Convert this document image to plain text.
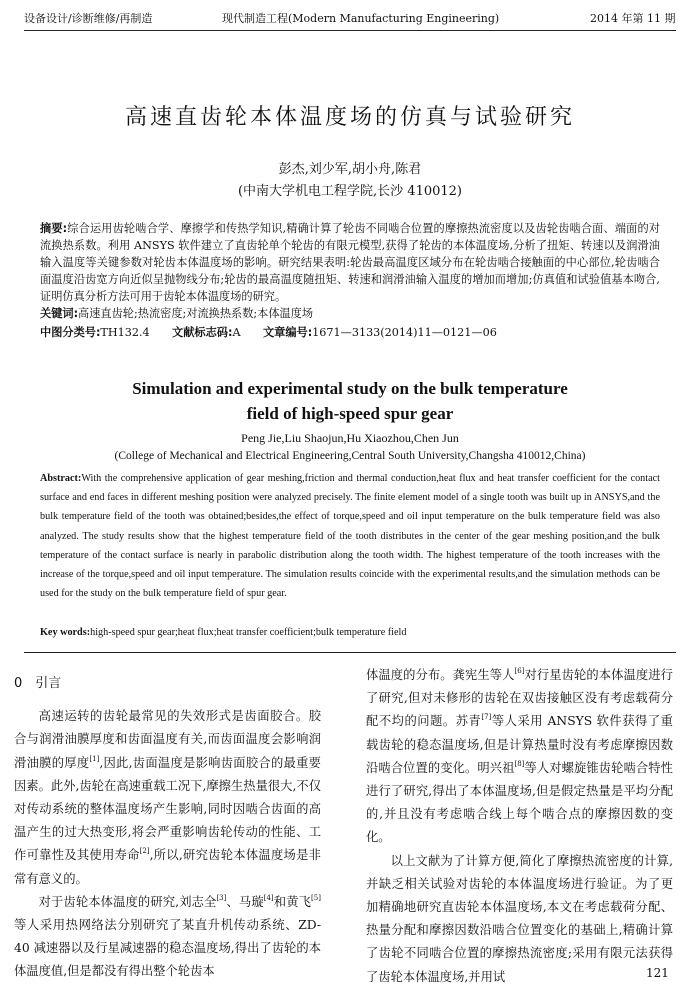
设备设计/诊断维修/再制造	现代制造工程(Modern Manufacturing Engineering)	2014 年第 11 期
高速直齿轮本体温度场的仿真与试验研究
彭杰,刘少军,胡小舟,陈君
(中南大学机电工程学院,长沙 410012)
摘要:综合运用齿轮啮合学、摩擦学和传热学知识,精确计算了轮齿不同啮合位置的摩擦热流密度以及齿轮齿啮合面、端面的对流换热系数。利用 ANSYS 软件建立了直齿轮单个轮齿的有限元模型,获得了轮齿的本体温度场,分析了扭矩、转速以及润滑油输入温度等关键参数对轮齿本体温度场的影响。研究结果表明:轮齿最高温度区域分布在轮齿啮合接触面的中心部位,轮齿啮合面温度沿齿宽方向近似呈抛物线分布;轮齿的最高温度随扭矩、转速和润滑油输入温度的增加而增加;仿真值和试验值基本吻合,证明仿真分析方法可用于齿轮本体温度场的研究。
关键词:高速直齿轮;热流密度;对流换热系数;本体温度场
中图分类号:TH132.4   文献标志码:A   文章编号:1671—3133(2014)11—0121—06
Simulation and experimental study on the bulk temperature
field of high-speed spur gear
Peng Jie,Liu Shaojun,Hu Xiaozhou,Chen Jun
(College of Mechanical and Electrical Engineering,Central South University,Changsha 410012,China)
Abstract:With the comprehensive application of gear meshing,friction and thermal conduction,heat flux and heat transfer coefficient for the contact surface and end faces in different meshing position were analyzed precisely. The finite element model of a single tooth was built up in ANSYS,and the bulk temperature field of the tooth was obtained;besides,the effect of torque,speed and oil input temperature on the bulk temperature field was also analyzed. The study results show that the highest temperature field of the tooth distributes in the center of the gear meshing position,and the bulk temperature of the contact surface is nearly in parabolic distribution along the tooth width. The highest temperature of the tooth increases with the increase of the torque,speed and oil input temperature. The simulation results coincide with the experimental results,and the simulation methods can be used for the study on the bulk temperature field of spur gear.
Key words:high-speed spur gear;heat flux;heat transfer coefficient;bulk temperature field
0  引言

高速运转的齿轮最常见的失效形式是齿面胶合。胶合与润滑油膜厚度和齿面温度有关,而齿面温度会影响润滑油膜的厚度[1],因此,齿面温度是影响齿面胶合的最重要因素。此外,齿轮在高速重载工况下,摩擦生热量很大,不仅对传动系统的整体温度场产生影响,同时因啮合齿面的高温产生的过大热变形,将会严重影响齿轮传动的性能、工作可靠性及其使用寿命[2],所以,研究齿轮本体温度场是非常有意义的。

对于齿轮本体温度的研究,刘志全[3]、马璇[4]和黄飞[5]等人采用热网络法分别研究了某直升机传动系统、ZD-40 减速器以及行星减速器的稳态温度场,得出了齿轮的本体温度值,但是都没有得出整个轮齿本

体温度的分布。龚宪生等人[6]对行星齿轮的本体温度进行了研究,但对未修形的齿轮在双齿接触区没有考虑载荷分配不均的问题。苏青[7]等人采用 ANSYS 软件获得了重载齿轮的稳态温度场,但是计算热量时没有考虑摩擦因数沿啮合位置的变化。明兴祖[8]等人对螺旋锥齿轮啮合特性进行了研究,得出了本体温度场,但是假定热量是平均分配的,并且没有考虑啮合线上每个啮合点的摩擦因数的变化。

以上文献为了计算方便,简化了摩擦热流密度的计算,并缺乏相关试验对齿轮的本体温度场进行验证。为了更加精确地研究直齿轮本体温度场,本文在考虑载荷分配、热量分配和摩擦因数沿啮合位置变化的基础上,精确计算了齿轮不同啮合位置的摩擦热流密度;采用有限元法获得了齿轮本体温度场,并用试	121
